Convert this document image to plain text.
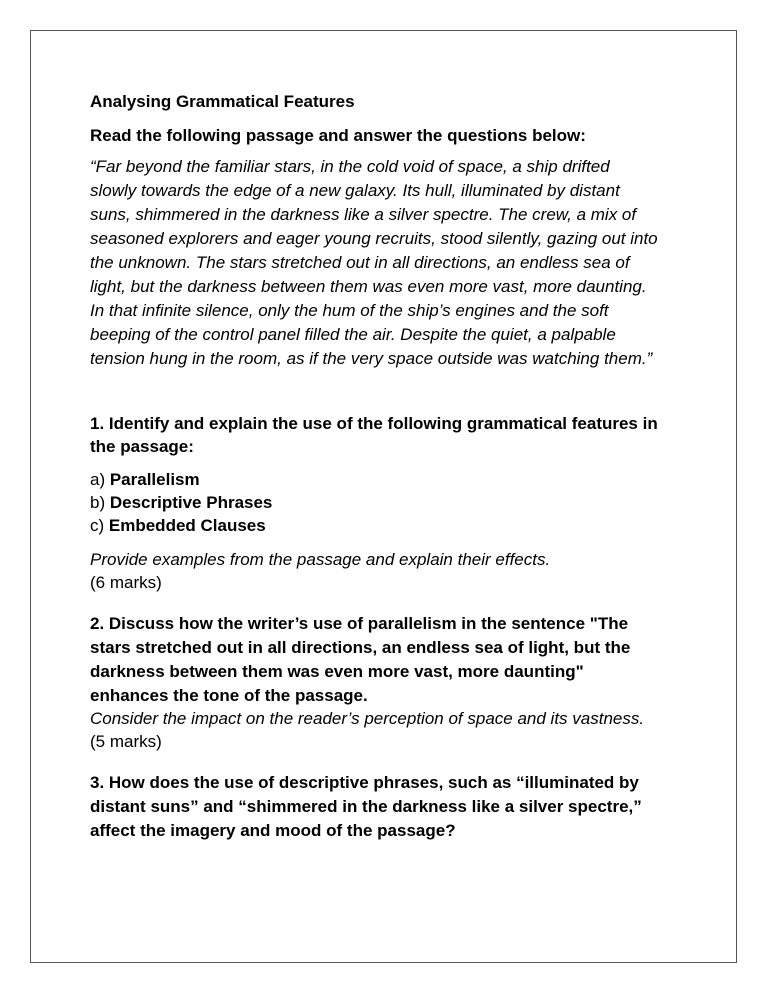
Analysing Grammatical Features
Read the following passage and answer the questions below:
“Far beyond the familiar stars, in the cold void of space, a ship drifted
slowly towards the edge of a new galaxy. Its hull, illuminated by distant
suns, shimmered in the darkness like a silver spectre. The crew, a mix of
seasoned explorers and eager young recruits, stood silently, gazing out into
the unknown. The stars stretched out in all directions, an endless sea of
light, but the darkness between them was even more vast, more daunting.
In that infinite silence, only the hum of the ship’s engines and the soft
beeping of the control panel filled the air. Despite the quiet, a palpable
tension hung in the room, as if the very space outside was watching them.”
1. Identify and explain the use of the following grammatical features in
the passage:
a) Parallelism
b) Descriptive Phrases
c) Embedded Clauses
Provide examples from the passage and explain their effects.
(6 marks)
2. Discuss how the writer’s use of parallelism in the sentence "The
stars stretched out in all directions, an endless sea of light, but the
darkness between them was even more vast, more daunting"
enhances the tone of the passage.
Consider the impact on the reader’s perception of space and its vastness.
(5 marks)
3. How does the use of descriptive phrases, such as “illuminated by
distant suns” and “shimmered in the darkness like a silver spectre,”
affect the imagery and mood of the passage?
